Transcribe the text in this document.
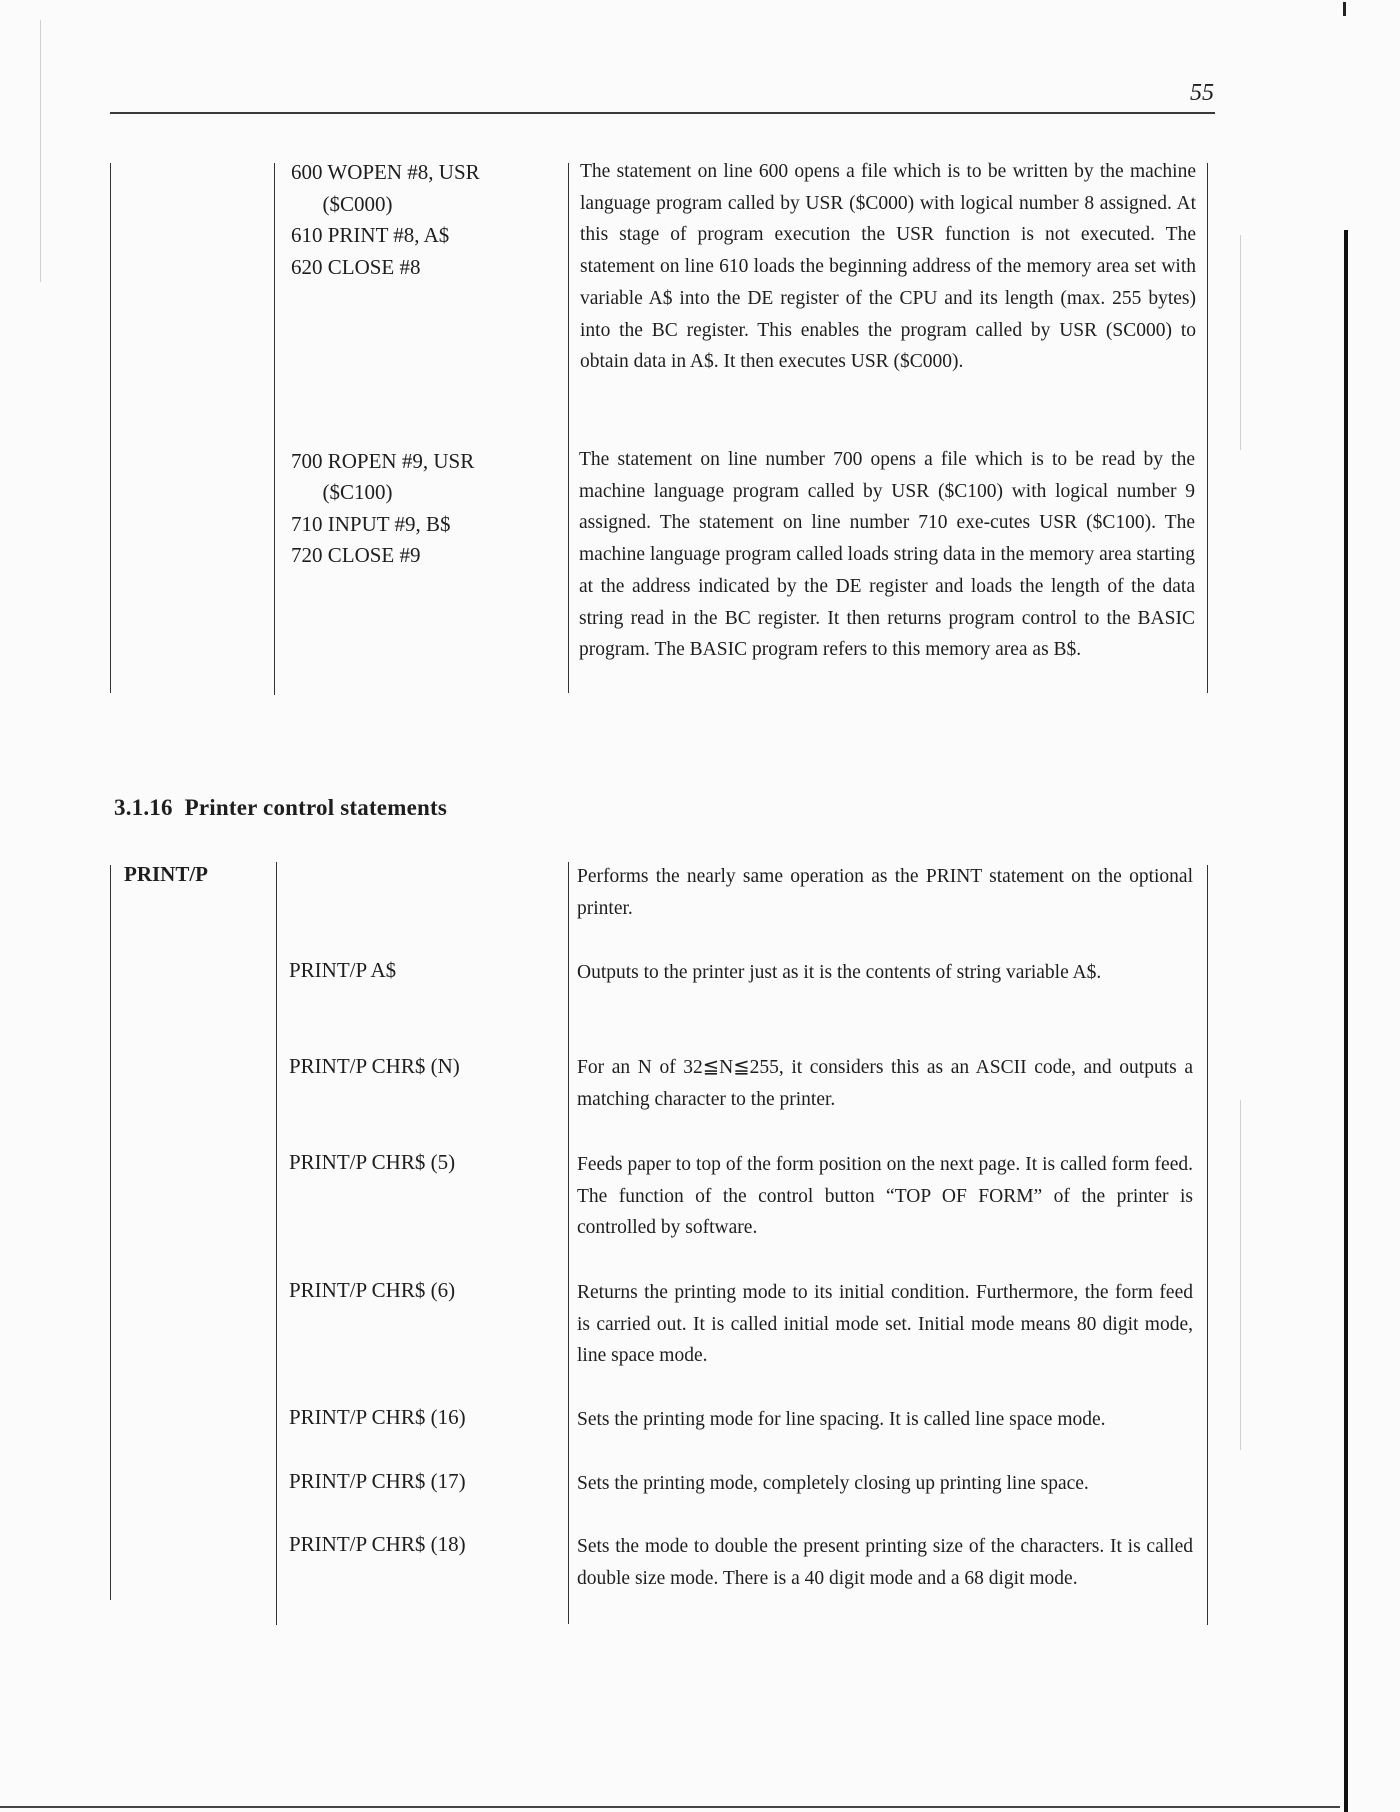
55
600 WOPEN #8, USR
($C000)
610 PRINT #8, A$
620 CLOSE #8
The statement on line 600 opens a file which is to be written by the machine language program called by USR ($C000) with logical number 8 assigned. At this stage of program execution the USR function is not executed. The statement on line 610 loads the beginning address of the memory area set with variable A$ into the DE register of the CPU and its length (max. 255 bytes) into the BC register. This enables the program called by USR (SC000) to obtain data in A$. It then executes USR ($C000).
700 ROPEN #9, USR
($C100)
710 INPUT #9, B$
720 CLOSE #9
The statement on line number 700 opens a file which is to be read by the machine language program called by USR ($C100) with logical number 9 assigned. The statement on line number 710 exe-cutes USR ($C100). The machine language program called loads string data in the memory area starting at the address indicated by the DE register and loads the length of the data string read in the BC register. It then returns program control to the BASIC program. The BASIC program refers to this memory area as B$.
3.1.16  Printer control statements
PRINT/P	Performs the nearly same operation as the PRINT statement on the optional printer.
PRINT/P A$	Outputs to the printer just as it is the contents of string variable A$.
PRINT/P CHR$ (N)	For an N of 32≦N≦255, it considers this as an ASCII code, and outputs a matching character to the printer.
PRINT/P CHR$ (5)	Feeds paper to top of the form position on the next page. It is called form feed. The function of the control button “TOP OF FORM” of the printer is controlled by software.
PRINT/P CHR$ (6)	Returns the printing mode to its initial condition. Furthermore, the form feed is carried out. It is called initial mode set. Initial mode means 80 digit mode, line space mode.
PRINT/P CHR$ (16)	Sets the printing mode for line spacing. It is called line space mode.
PRINT/P CHR$ (17)	Sets the printing mode, completely closing up printing line space.
PRINT/P CHR$ (18)	Sets the mode to double the present printing size of the characters. It is called double size mode. There is a 40 digit mode and a 68 digit mode.
